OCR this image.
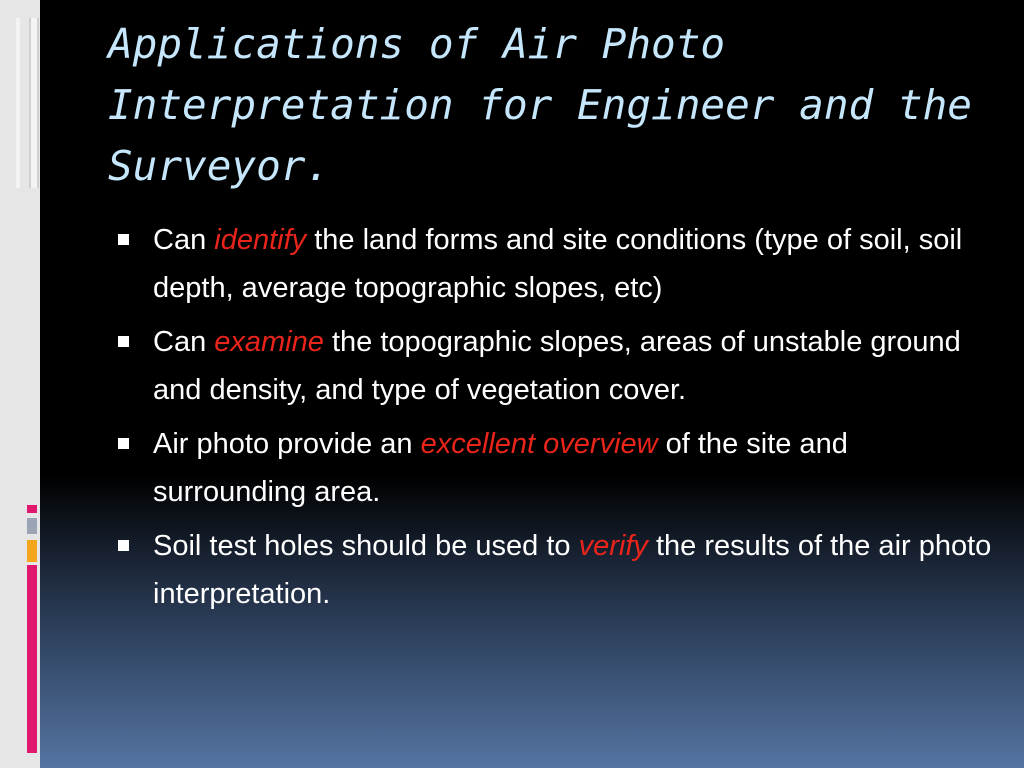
Applications of Air Photo Interpretation for Engineer and the Surveyor.
Can identify the land forms and site conditions (type of soil, soil depth, average topographic slopes, etc)
Can examine the topographic slopes, areas of unstable ground and density, and type of vegetation cover.
Air photo provide an excellent overview of the site and surrounding area.
Soil test holes should be used to verify the results of the air photo interpretation.
